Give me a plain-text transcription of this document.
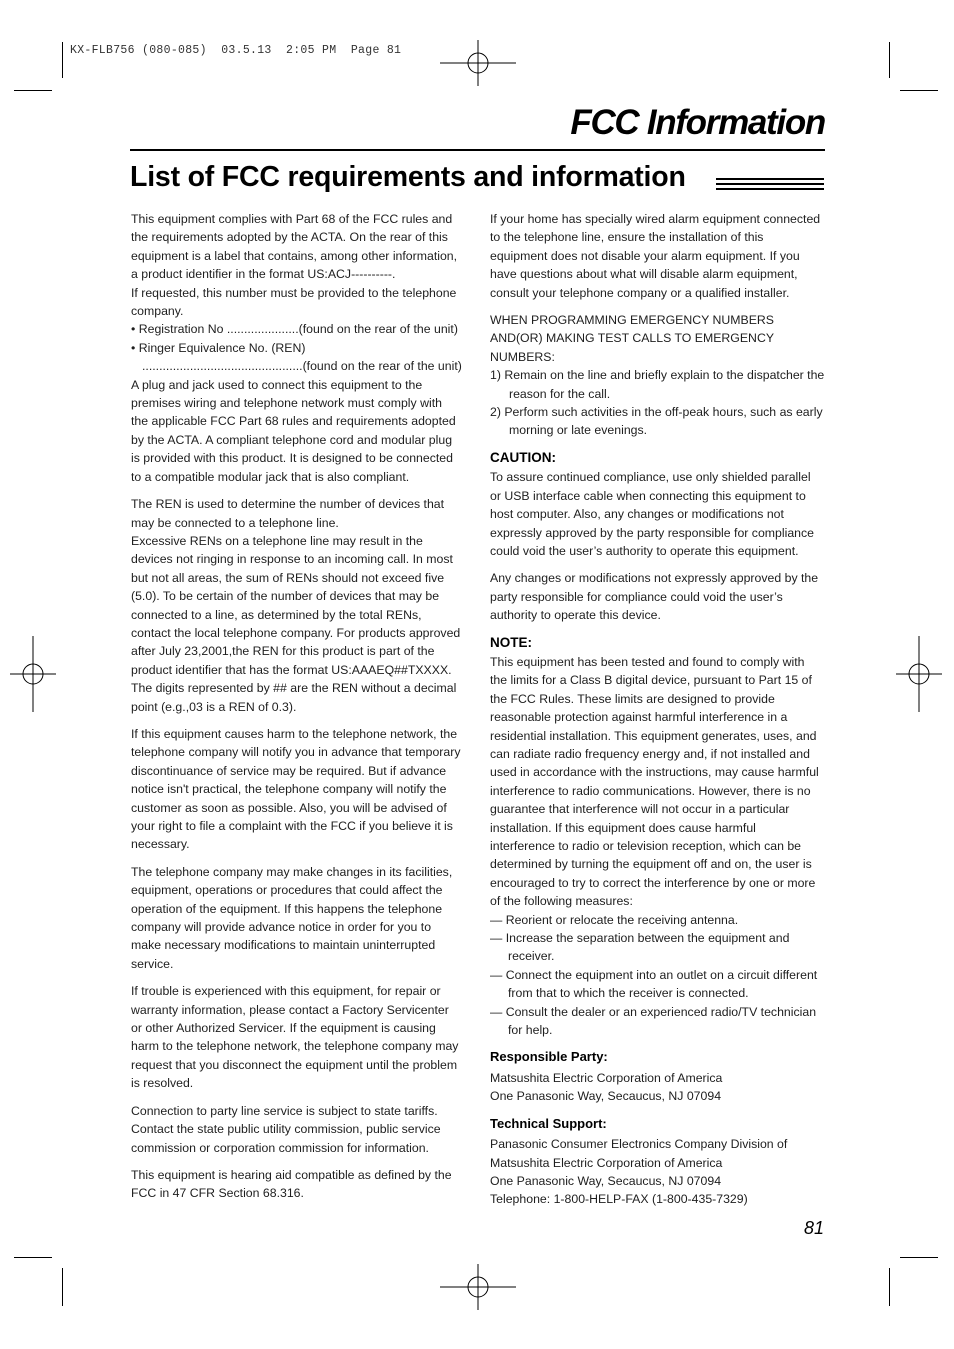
KX-FLB756 (080-085)  03.5.13  2:05 PM  Page 81
FCC Information
List of FCC requirements and information

This equipment complies with Part 68 of the FCC rules and
the requirements adopted by the ACTA. On the rear of this
equipment is a label that contains, among other information,
a product identifier in the format US:ACJ----------.
If requested, this number must be provided to the telephone
company.
• Registration No .....................(found on the rear of the unit)
• Ringer Equivalence No. (REN)
...............................................(found on the rear of the unit)
A plug and jack used to connect this equipment to the
premises wiring and telephone network must comply with
the applicable FCC Part 68 rules and requirements adopted
by the ACTA. A compliant telephone cord and modular plug
is provided with this product. It is designed to be connected
to a compatible modular jack that is also compliant.

The REN is used to determine the number of devices that
may be connected to a telephone line.
Excessive RENs on a telephone line may result in the
devices not ringing in response to an incoming call. In most
but not all areas, the sum of RENs should not exceed five
(5.0). To be certain of the number of devices that may be
connected to a line, as determined by the total RENs,
contact the local telephone company. For products approved
after July 23,2001,the REN for this product is part of the
product identifier that has the format US:AAAEQ##TXXXX.
The digits represented by ## are the REN without a decimal
point (e.g.,03 is a REN of 0.3).

If this equipment causes harm to the telephone network, the
telephone company will notify you in advance that temporary
discontinuance of service may be required. But if advance
notice isn't practical, the telephone company will notify the
customer as soon as possible. Also, you will be advised of
your right to file a complaint with the FCC if you believe it is
necessary.

The telephone company may make changes in its facilities,
equipment, operations or procedures that could affect the
operation of the equipment. If this happens the telephone
company will provide advance notice in order for you to
make necessary modifications to maintain uninterrupted
service.

If trouble is experienced with this equipment, for repair or
warranty information, please contact a Factory Servicenter
or other Authorized Servicer. If the equipment is causing
harm to the telephone network, the telephone company may
request that you disconnect the equipment until the problem
is resolved.

Connection to party line service is subject to state tariffs.
Contact the state public utility commission, public service
commission or corporation commission for information.

This equipment is hearing aid compatible as defined by the
FCC in 47 CFR Section 68.316.

If your home has specially wired alarm equipment connected
to the telephone line, ensure the installation of this
equipment does not disable your alarm equipment. If you
have questions about what will disable alarm equipment,
consult your telephone company or a qualified installer.

WHEN PROGRAMMING EMERGENCY NUMBERS
AND(OR) MAKING TEST CALLS TO EMERGENCY
NUMBERS:
1) Remain on the line and briefly explain to the dispatcher the reason for the call.
2) Perform such activities in the off-peak hours, such as early morning or late evenings.

CAUTION:

To assure continued compliance, use only shielded parallel
or USB interface cable when connecting this equipment to
host computer. Also, any changes or modifications not
expressly approved by the party responsible for compliance
could void the user’s authority to operate this equipment.

Any changes or modifications not expressly approved by the
party responsible for compliance could void the user’s
authority to operate this device.

NOTE:

This equipment has been tested and found to comply with
the limits for a Class B digital device, pursuant to Part 15 of
the FCC Rules. These limits are designed to provide
reasonable protection against harmful interference in a
residential installation. This equipment generates, uses, and
can radiate radio frequency energy and, if not installed and
used in accordance with the instructions, may cause harmful
interference to radio communications. However, there is no
guarantee that interference will not occur in a particular
installation. If this equipment does cause harmful
interference to radio or television reception, which can be
determined by turning the equipment off and on, the user is
encouraged to try to correct the interference by one or more
of the following measures:
— Reorient or relocate the receiving antenna.
— Increase the separation between the equipment and receiver.
— Connect the equipment into an outlet on a circuit different from that to which the receiver is connected.
— Consult the dealer or an experienced radio/TV technician for help.

Responsible Party:

Matsushita Electric Corporation of America
One Panasonic Way, Secaucus, NJ 07094

Technical Support:

Panasonic Consumer Electronics Company Division of
Matsushita Electric Corporation of America
One Panasonic Way, Secaucus, NJ 07094
Telephone: 1-800-HELP-FAX (1-800-435-7329)

81
